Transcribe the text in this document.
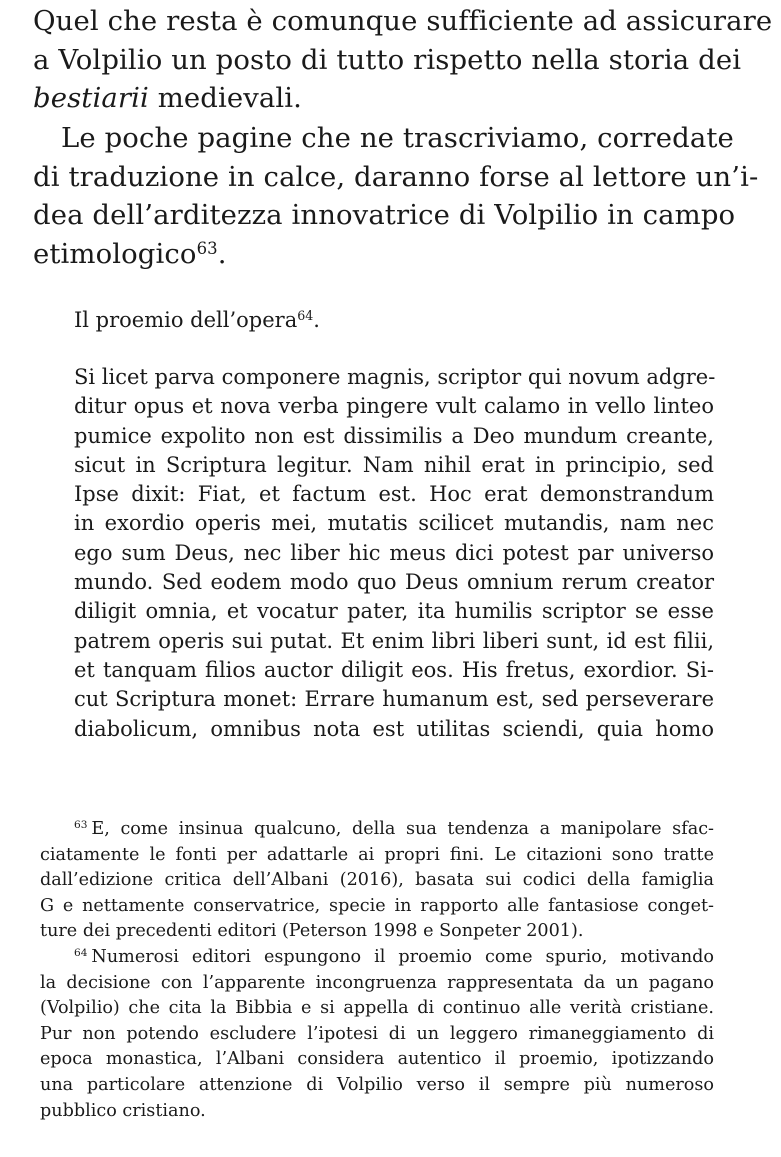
Quel che resta è comunque sufficiente ad assicurare
a Volpilio un posto di tutto rispetto nella storia dei
bestiarii medievali.

Le poche pagine che ne trascriviamo, corredate
di traduzione in calce, daranno forse al lettore un’i-
dea dell’arditezza innovatrice di Volpilio in campo
etimologico$^{63}$.

Il proemio dell’opera$^{64}$.

Si licet parva componere magnis, scriptor qui novum adgre-
ditur opus et nova verba pingere vult calamo in vello linteo
pumice expolito non est dissimilis a Deo mundum creante,
sicut in Scriptura legitur. Nam nihil erat in principio, sed
Ipse dixit: Fiat, et factum est. Hoc erat demonstrandum
in exordio operis mei, mutatis scilicet mutandis, nam nec
ego sum Deus, nec liber hic meus dici potest par universo
mundo. Sed eodem modo quo Deus omnium rerum creator
diligit omnia, et vocatur pater, ita humilis scriptor se esse
patrem operis sui putat. Et enim libri liberi sunt, id est filii,
et tanquam filios auctor diligit eos. His fretus, exordior. Si-
cut Scriptura monet: Errare humanum est, sed perseverare
diabolicum, omnibus nota est utilitas sciendi, quia homo

$^{63}$ E, come insinua qualcuno, della sua tendenza a manipolare sfac-
ciatamente le fonti per adattarle ai propri fini. Le citazioni sono tratte
dall’edizione critica dell’Albani (2016), basata sui codici della famiglia
G e nettamente conservatrice, specie in rapporto alle fantasiose conget-
ture dei precedenti editori (Peterson 1998 e Sonpeter 2001).

$^{64}$ Numerosi editori espungono il proemio come spurio, motivando
la decisione con l’apparente incongruenza rappresentata da un pagano
(Volpilio) che cita la Bibbia e si appella di continuo alle verità cristiane.
Pur non potendo escludere l’ipotesi di un leggero rimaneggiamento di
epoca monastica, l’Albani considera autentico il proemio, ipotizzando
una particolare attenzione di Volpilio verso il sempre più numeroso
pubblico cristiano.
